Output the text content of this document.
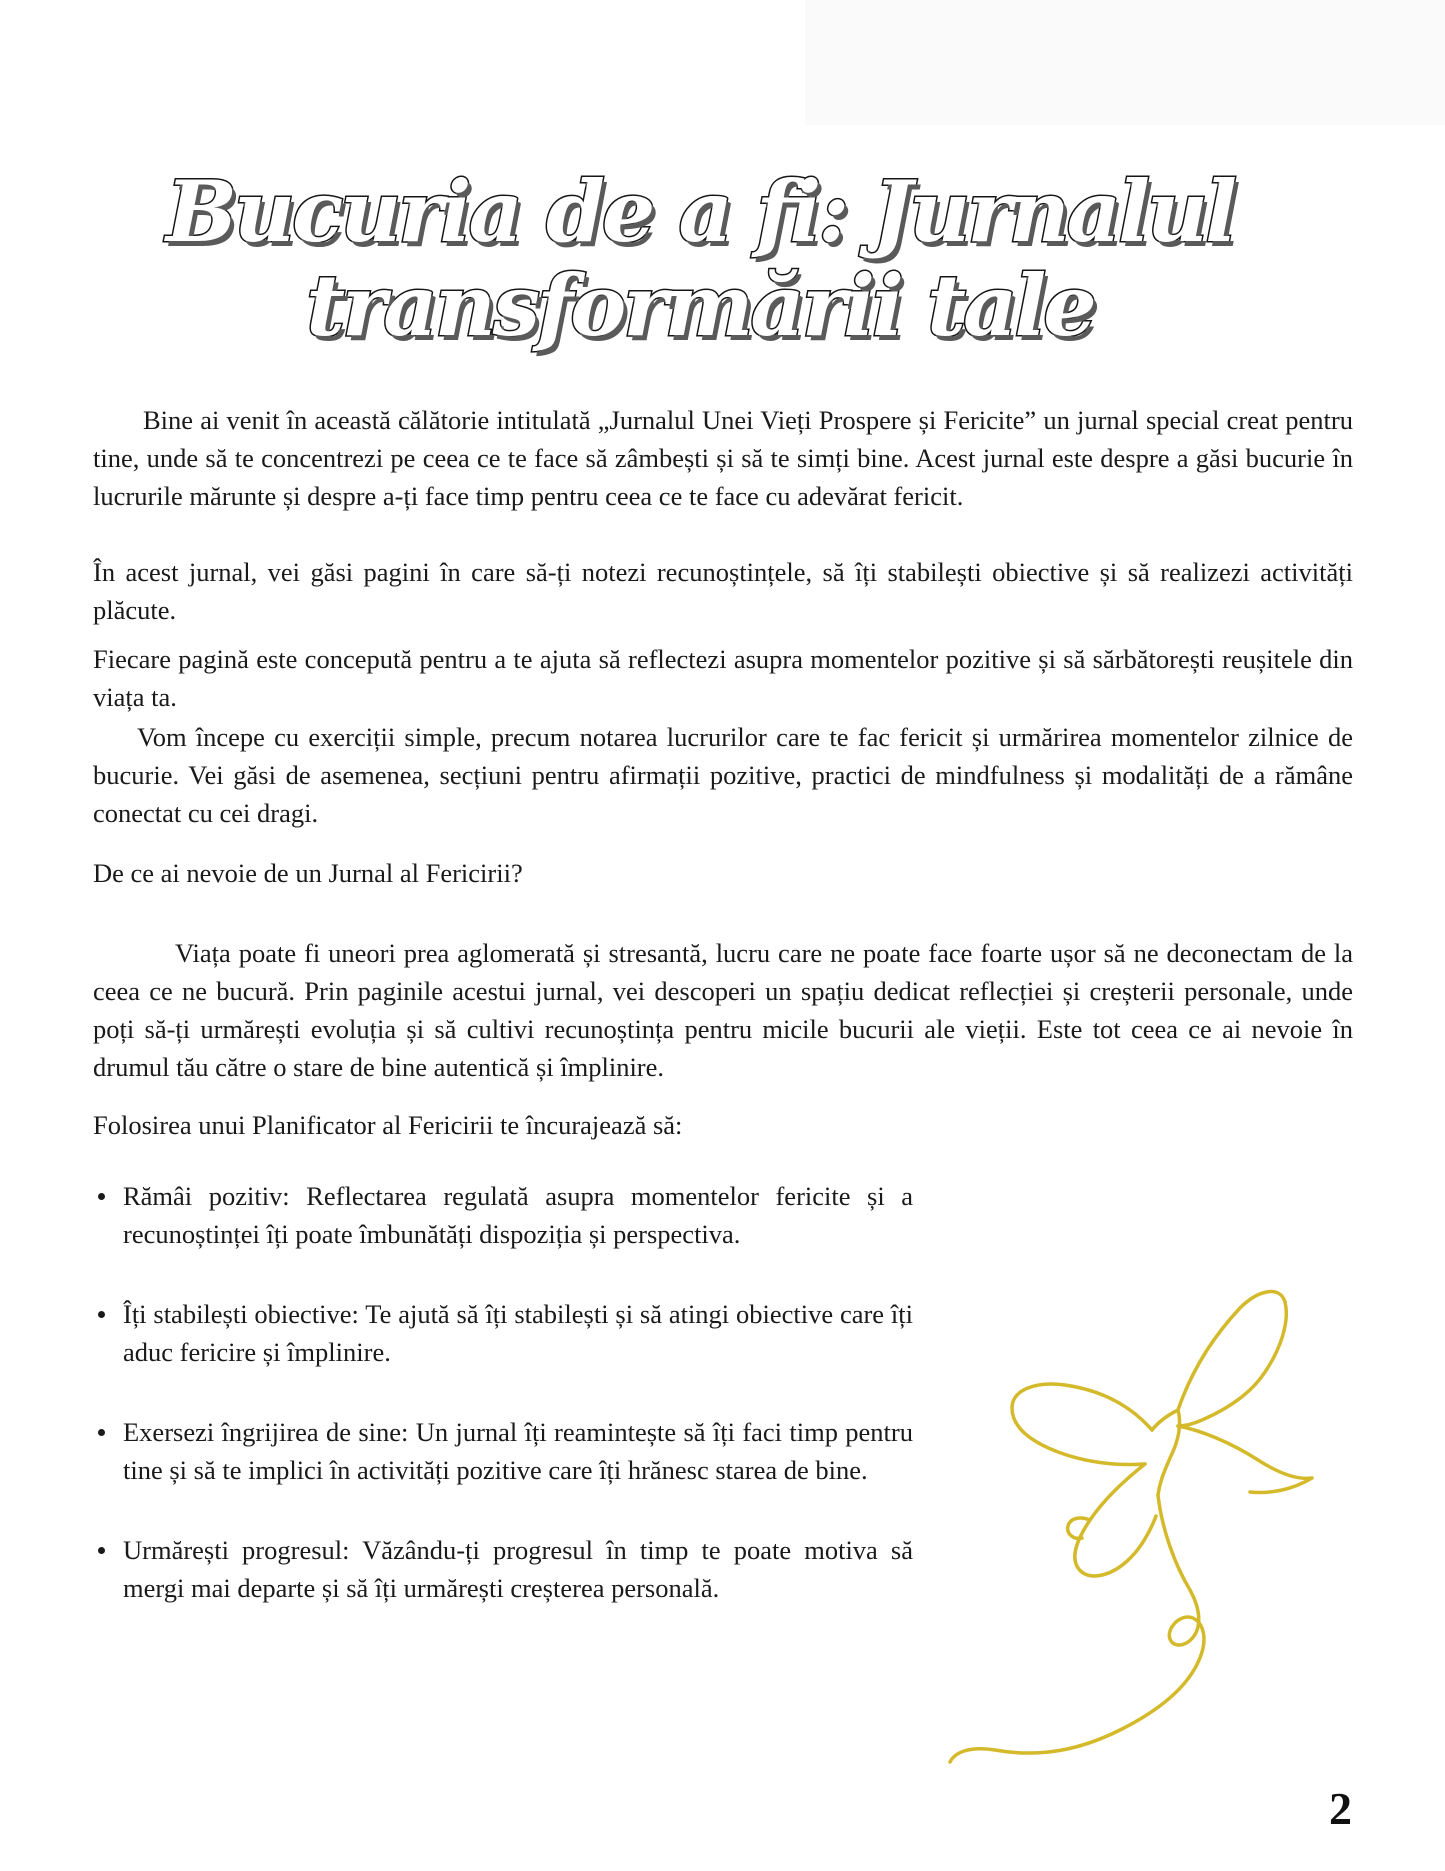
Bucuria de a fi: Jurnalul
transformării tale

Bine ai venit în această călătorie intitulată „Jurnalul Unei Vieți Prospere și Fericite” un jurnal special creat pentru tine, unde să te concentrezi pe ceea ce te face să zâmbești și să te simți bine. Acest jurnal este despre a găsi bucurie în lucrurile mărunte și despre a-ți face timp pentru ceea ce te face cu adevărat fericit.

În acest jurnal, vei găsi pagini în care să-ți notezi recunoștințele, să îți stabilești obiective și să realizezi activități plăcute.

Fiecare pagină este concepută pentru a te ajuta să reflectezi asupra momentelor pozitive și să sărbătorești reușitele din viața ta.

Vom începe cu exerciții simple, precum notarea lucrurilor care te fac fericit și urmărirea momentelor zilnice de bucurie. Vei găsi de asemenea, secțiuni pentru afirmații pozitive, practici de mindfulness și modalități de a rămâne conectat cu cei dragi.

De ce ai nevoie de un Jurnal al Fericirii?

Viața poate fi uneori prea aglomerată și stresantă, lucru care ne poate face foarte ușor să ne deconectam de la ceea ce ne bucură. Prin paginile acestui jurnal, vei descoperi un spațiu dedicat reflecției și creșterii personale, unde poți să-ți urmărești evoluția și să cultivi recunoștința pentru micile bucurii ale vieții. Este tot ceea ce ai nevoie în drumul tău către o stare de bine autentică și împlinire.

Folosirea unui Planificator al Fericirii te încurajează să:

Rămâi pozitiv: Reflectarea regulată asupra momentelor fericite și a recunoștinței îți poate îmbunătăți dispoziția și perspectiva.
Îți stabilești obiective: Te ajută să îți stabilești și să atingi obiective care îți aduc fericire și împlinire.
Exersezi îngrijirea de sine: Un jurnal îți reamintește să îți faci timp pentru tine și să te implici în activități pozitive care îți hrănesc starea de bine.
Urmărești progresul: Văzându-ți progresul în timp te poate motiva să mergi mai departe și să îți urmărești creșterea personală.
2
